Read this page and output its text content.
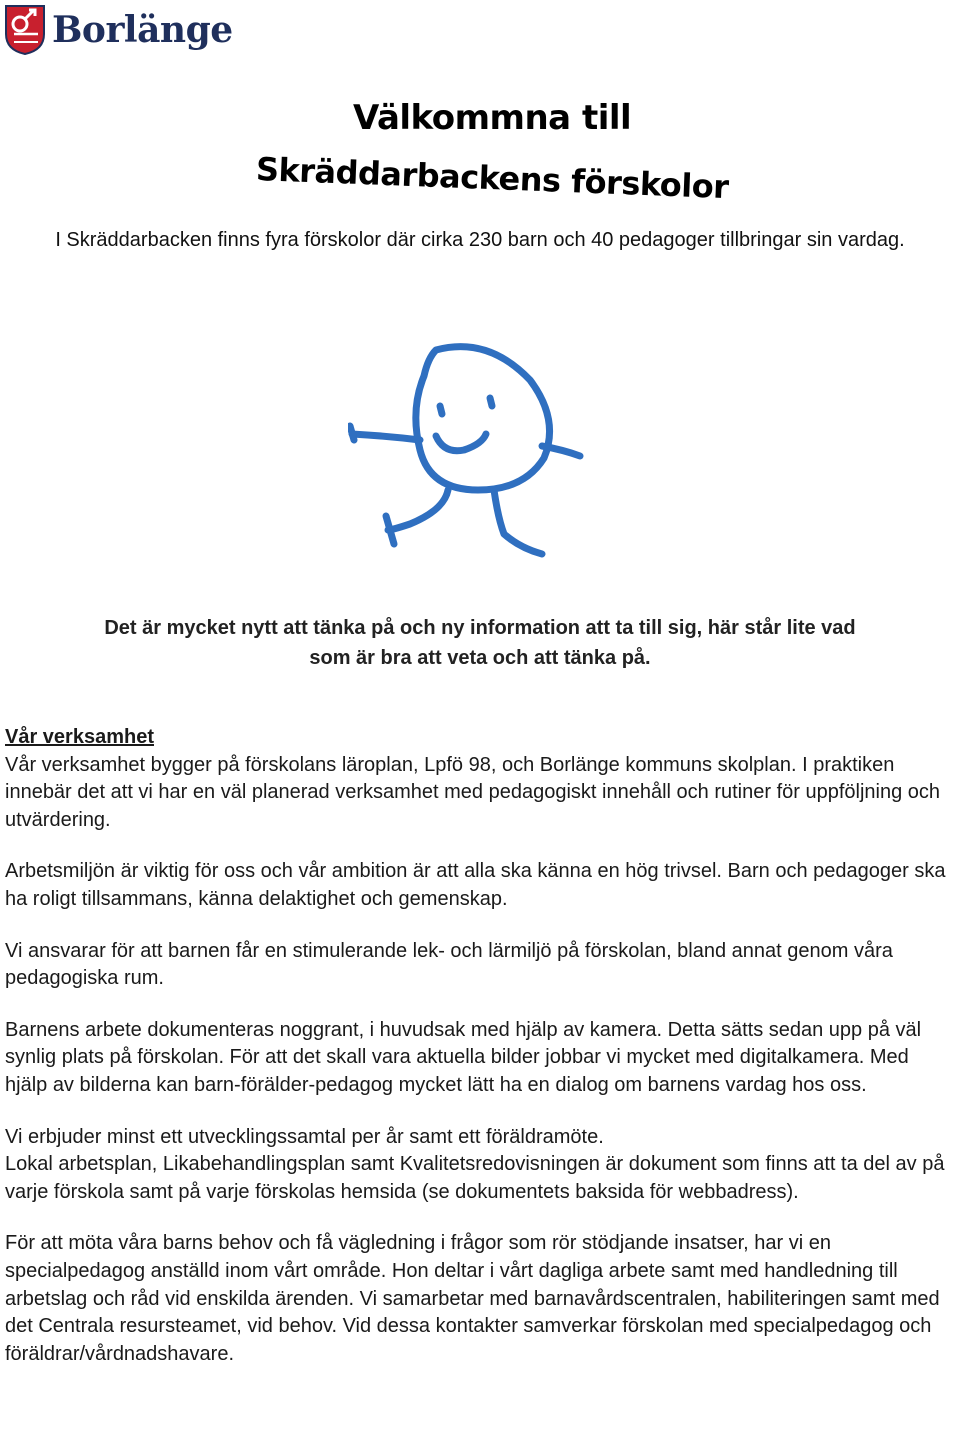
Borlänge
Välkommna till
Skräddarbackens förskolor
I Skräddarbacken finns fyra förskolor där cirka 230 barn och 40 pedagoger tillbringar sin vardag.
Det är mycket nytt att tänka på och ny information att ta till sig, här står lite vad
som är bra att veta och att tänka på.

Vår verksamhet

Vår verksamhet bygger på förskolans läroplan, Lpfö 98, och Borlänge kommuns skolplan. I praktiken innebär det att vi har en väl planerad verksamhet med pedagogiskt innehåll och rutiner för uppföljning och utvärdering.

Arbetsmiljön är viktig för oss och vår ambition är att alla ska känna en hög trivsel. Barn och pedagoger ska ha roligt tillsammans, känna delaktighet och gemenskap.

Vi ansvarar för att barnen får en stimulerande lek- och lärmiljö på förskolan, bland annat genom våra pedagogiska rum.

Barnens arbete dokumenteras noggrant, i huvudsak med hjälp av kamera. Detta sätts sedan upp på väl synlig plats på förskolan. För att det skall vara aktuella bilder jobbar vi mycket med digitalkamera. Med hjälp av bilderna kan barn-förälder-pedagog mycket lätt ha en dialog om barnens vardag hos oss.

Vi erbjuder minst ett utvecklingssamtal per år samt ett föräldramöte.

Lokal arbetsplan, Likabehandlingsplan samt Kvalitetsredovisningen är dokument som finns att ta del av på varje förskola samt på varje förskolas hemsida (se dokumentets baksida för webbadress).

För att möta våra barns behov och få vägledning i frågor som rör stödjande insatser, har vi en specialpedagog anställd inom vårt område. Hon deltar i vårt dagliga arbete samt med handledning till arbetslag och råd vid enskilda ärenden. Vi samarbetar med barnavårdscentralen, habiliteringen samt med det Centrala resursteamet, vid behov. Vid dessa kontakter samverkar förskolan med specialpedagog och föräldrar/vårdnadshavare.
